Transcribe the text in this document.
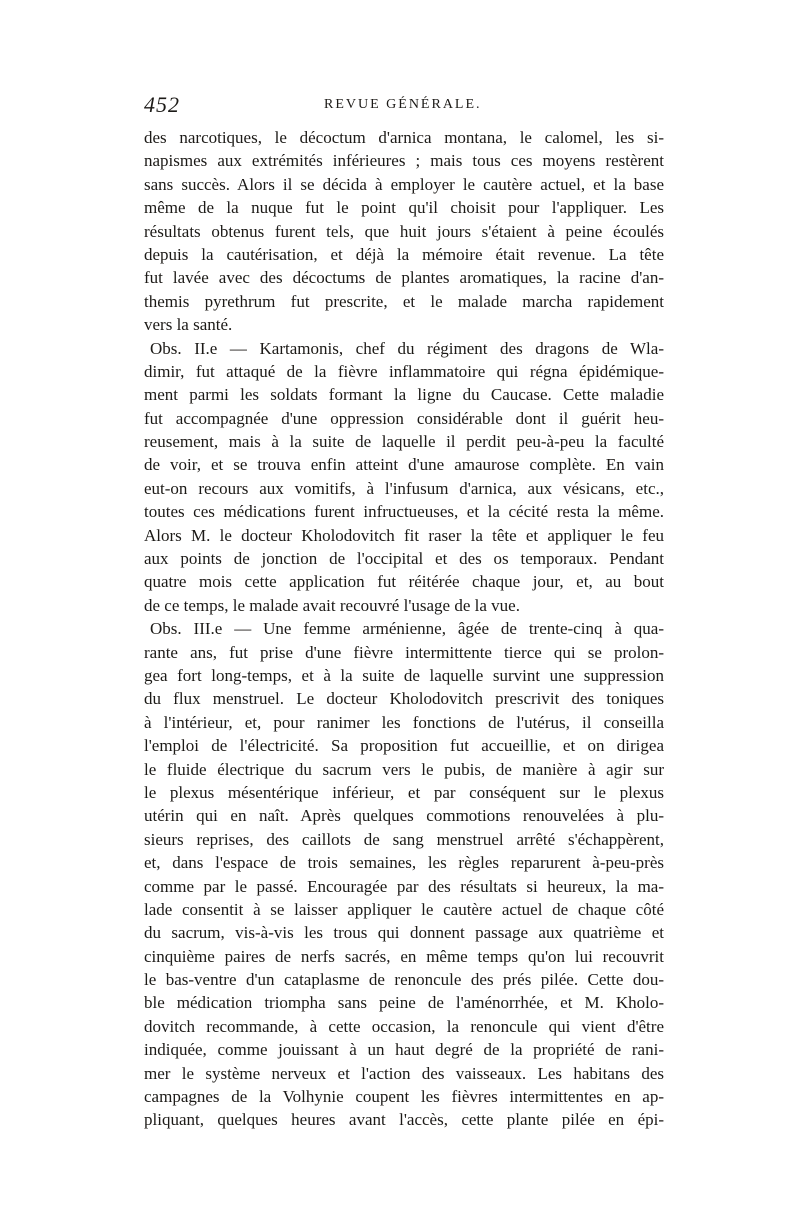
452	REVUE GÉNÉRALE.
des narcotiques, le décoctum d'arnica montana, le calomel, les si-
napismes aux extrémités inférieures ; mais tous ces moyens restèrent
sans succès. Alors il se décida à employer le cautère actuel, et la base
même de la nuque fut le point qu'il choisit pour l'appliquer. Les
résultats obtenus furent tels, que huit jours s'étaient à peine écoulés
depuis la cautérisation, et déjà la mémoire était revenue. La tête
fut lavée avec des décoctums de plantes aromatiques, la racine d'an-
themis pyrethrum fut prescrite, et le malade marcha rapidement
vers la santé.
Obs. II.e — Kartamonis, chef du régiment des dragons de Wla-
dimir, fut attaqué de la fièvre inflammatoire qui régna épidémique-
ment parmi les soldats formant la ligne du Caucase. Cette maladie
fut accompagnée d'une oppression considérable dont il guérit heu-
reusement, mais à la suite de laquelle il perdit peu-à-peu la faculté
de voir, et se trouva enfin atteint d'une amaurose complète. En vain
eut-on recours aux vomitifs, à l'infusum d'arnica, aux vésicans, etc.,
toutes ces médications furent infructueuses, et la cécité resta la même.
Alors M. le docteur Kholodovitch fit raser la tête et appliquer le feu
aux points de jonction de l'occipital et des os temporaux. Pendant
quatre mois cette application fut réitérée chaque jour, et, au bout
de ce temps, le malade avait recouvré l'usage de la vue.
Obs. III.e — Une femme arménienne, âgée de trente-cinq à qua-
rante ans, fut prise d'une fièvre intermittente tierce qui se prolon-
gea fort long-temps, et à la suite de laquelle survint une suppression
du flux menstruel. Le docteur Kholodovitch prescrivit des toniques
à l'intérieur, et, pour ranimer les fonctions de l'utérus, il conseilla
l'emploi de l'électricité. Sa proposition fut accueillie, et on dirigea
le fluide électrique du sacrum vers le pubis, de manière à agir sur
le plexus mésentérique inférieur, et par conséquent sur le plexus
utérin qui en naît. Après quelques commotions renouvelées à plu-
sieurs reprises, des caillots de sang menstruel arrêté s'échappèrent,
et, dans l'espace de trois semaines, les règles reparurent à-peu-près
comme par le passé. Encouragée par des résultats si heureux, la ma-
lade consentit à se laisser appliquer le cautère actuel de chaque côté
du sacrum, vis-à-vis les trous qui donnent passage aux quatrième et
cinquième paires de nerfs sacrés, en même temps qu'on lui recouvrit
le bas-ventre d'un cataplasme de renoncule des prés pilée. Cette dou-
ble médication triompha sans peine de l'aménorrhée, et M. Kholo-
dovitch recommande, à cette occasion, la renoncule qui vient d'être
indiquée, comme jouissant à un haut degré de la propriété de rani-
mer le système nerveux et l'action des vaisseaux. Les habitans des
campagnes de la Volhynie coupent les fièvres intermittentes en ap-
pliquant, quelques heures avant l'accès, cette plante pilée en épi-
